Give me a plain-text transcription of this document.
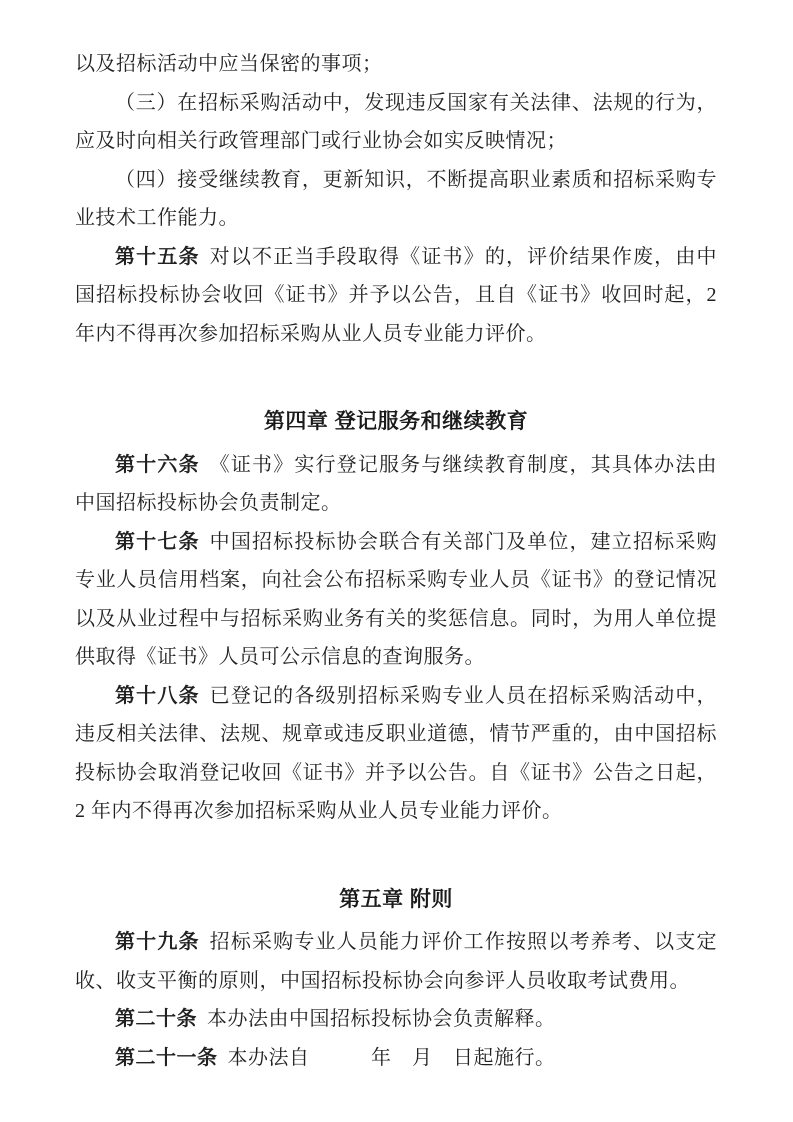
以及招标活动中应当保密的事项；

（三）在招标采购活动中，发现违反国家有关法律、法规的行为，应及时向相关行政管理部门或行业协会如实反映情况；

（四）接受继续教育，更新知识，不断提高职业素质和招标采购专业技术工作能力。

第十五条 对以不正当手段取得《证书》的，评价结果作废，由中国招标投标协会收回《证书》并予以公告，且自《证书》收回时起，2 年内不得再次参加招标采购从业人员专业能力评价。

第四章 登记服务和继续教育

第十六条 《证书》实行登记服务与继续教育制度，其具体办法由中国招标投标协会负责制定。

第十七条 中国招标投标协会联合有关部门及单位，建立招标采购专业人员信用档案，向社会公布招标采购专业人员《证书》的登记情况以及从业过程中与招标采购业务有关的奖惩信息。同时，为用人单位提供取得《证书》人员可公示信息的查询服务。

第十八条 已登记的各级别招标采购专业人员在招标采购活动中，违反相关法律、法规、规章或违反职业道德，情节严重的，由中国招标投标协会取消登记收回《证书》并予以公告。自《证书》公告之日起，2 年内不得再次参加招标采购从业人员专业能力评价。

第五章 附则

第十九条 招标采购专业人员能力评价工作按照以考养考、以支定收、收支平衡的原则，中国招标投标协会向参评人员收取考试费用。

第二十条 本办法由中国招标投标协会负责解释。

第二十一条 本办法自　　　年　月　日起施行。
